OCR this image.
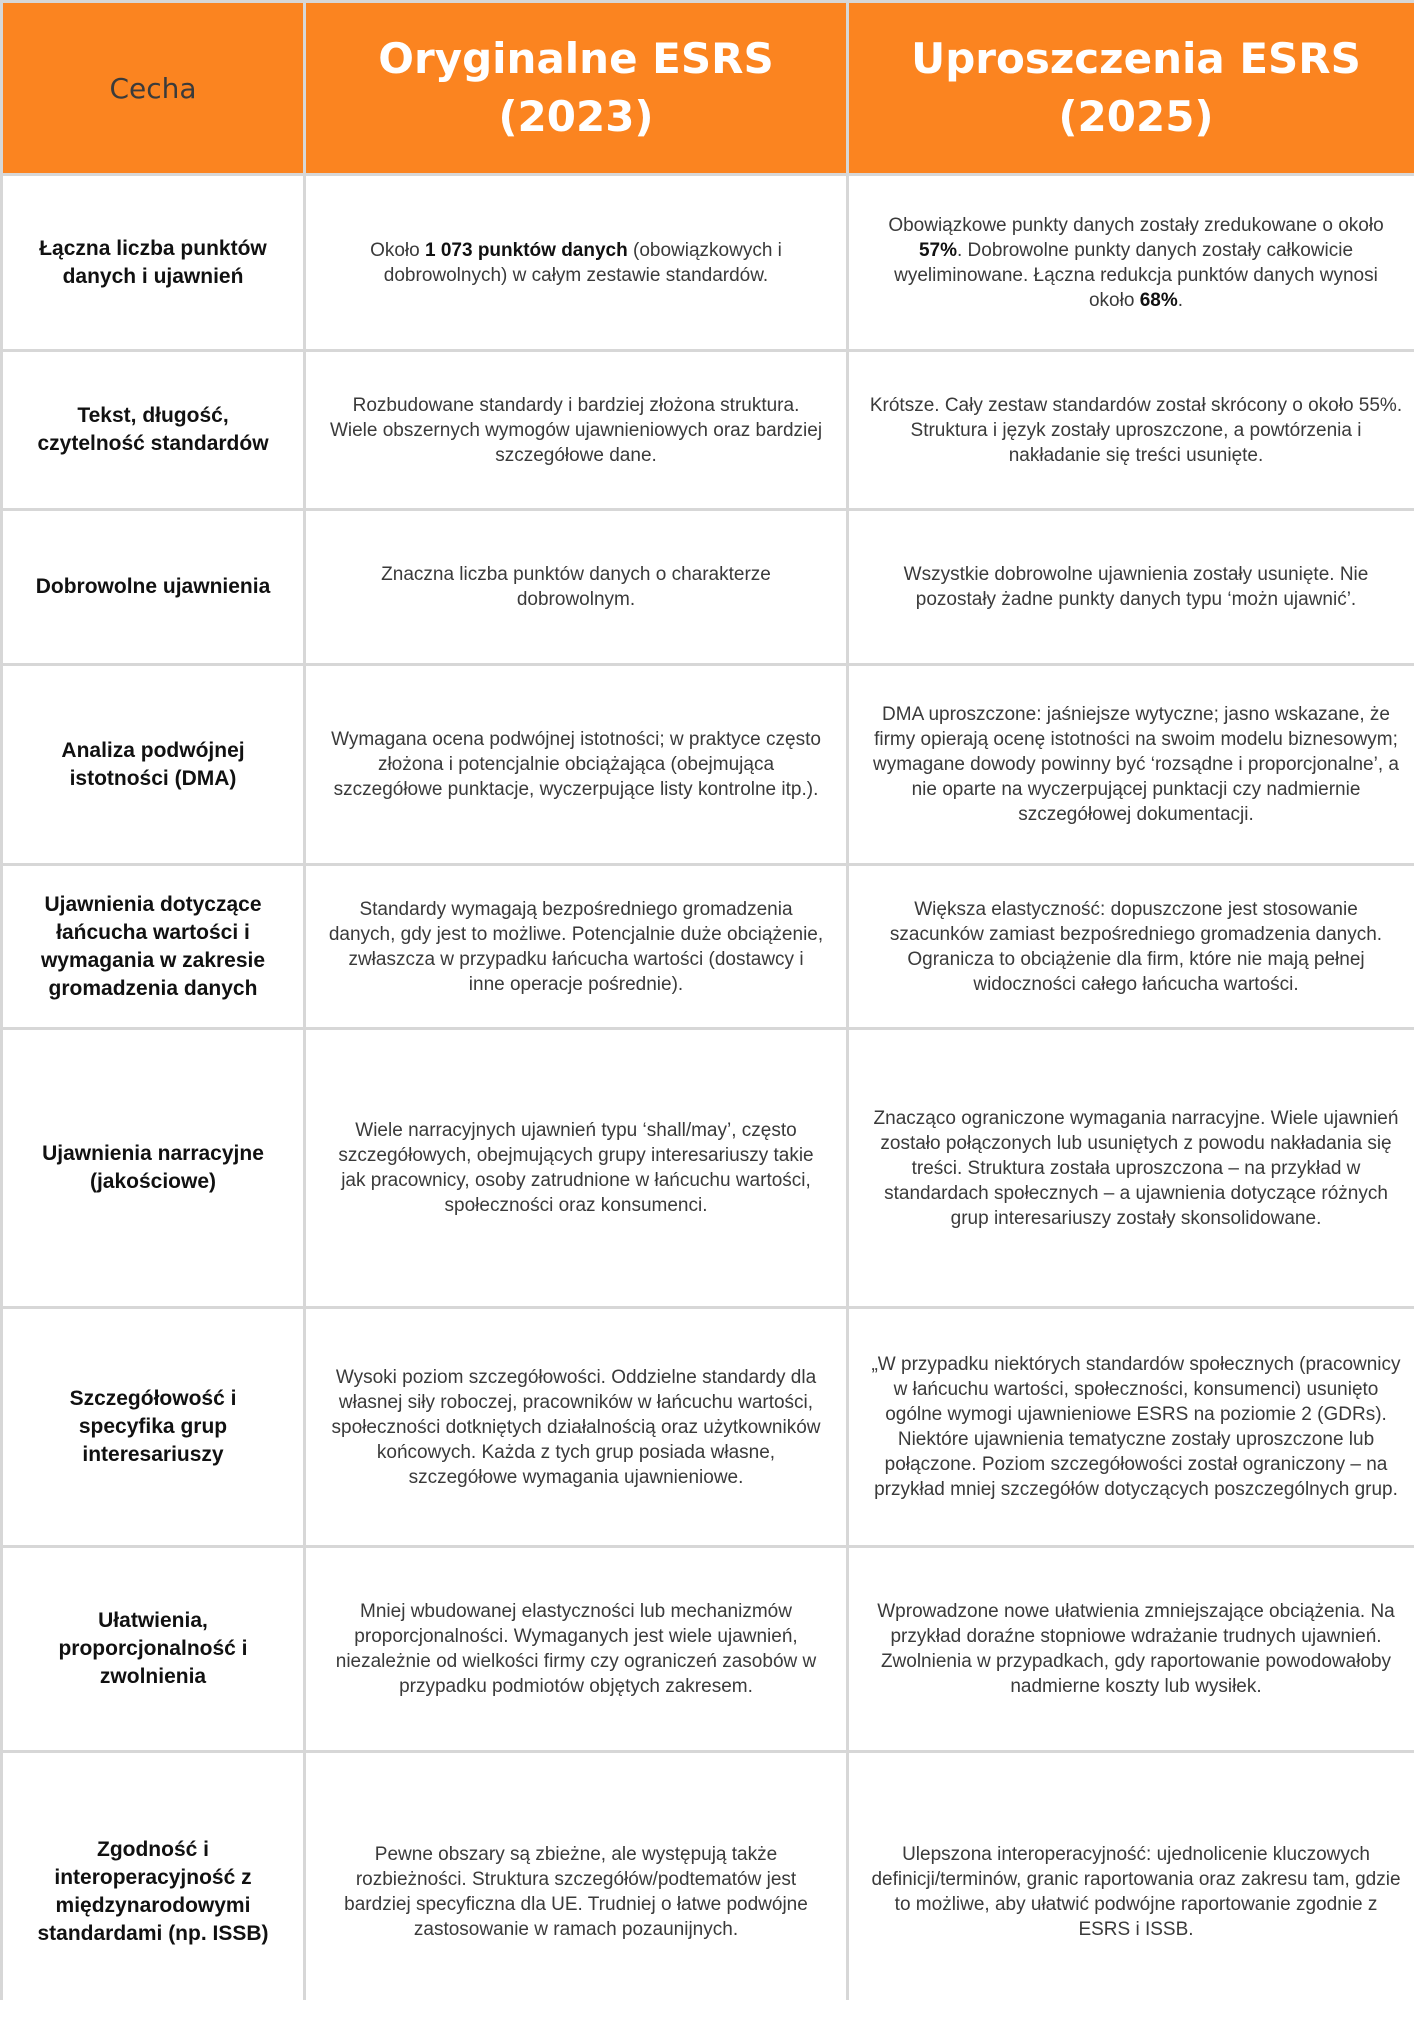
Cecha
Oryginalne ESRS
(2023)
Uproszczenia ESRS
(2025)
Łączna liczba punktów danych i ujawnień
Około 1 073 punktów danych (obowiązkowych i dobrowolnych) w całym zestawie standardów.
Obowiązkowe punkty danych zostały zredukowane o około 57%. Dobrowolne punkty danych zostały całkowicie wyeliminowane. Łączna redukcja punktów danych wynosi około 68%.
Tekst, długość, czytelność standardów
Rozbudowane standardy i bardziej złożona struktura. Wiele obszernych wymogów ujawnieniowych oraz bardziej szczegółowe dane.
Krótsze. Cały zestaw standardów został skrócony o około 55%. Struktura i język zostały uproszczone, a powtórzenia i nakładanie się treści usunięte.
Dobrowolne ujawnienia
Znaczna liczba punktów danych o charakterze dobrowolnym.
Wszystkie dobrowolne ujawnienia zostały usunięte. Nie pozostały żadne punkty danych typu ‘możn ujawnić’.
Analiza podwójnej istotności (DMA)
Wymagana ocena podwójnej istotności; w praktyce często złożona i potencjalnie obciążająca (obejmująca szczegółowe punktacje, wyczerpujące listy kontrolne itp.).
DMA uproszczone: jaśniejsze wytyczne; jasno wskazane, że firmy opierają ocenę istotności na swoim modelu biznesowym; wymagane dowody powinny być ‘rozsądne i proporcjonalne’, a nie oparte na wyczerpującej punktacji czy nadmiernie szczegółowej dokumentacji.
Ujawnienia dotyczące łańcucha wartości i wymagania w zakresie gromadzenia danych
Standardy wymagają bezpośredniego gromadzenia danych, gdy jest to możliwe. Potencjalnie duże obciążenie, zwłaszcza w przypadku łańcucha wartości (dostawcy i inne operacje pośrednie).
Większa elastyczność: dopuszczone jest stosowanie szacunków zamiast bezpośredniego gromadzenia danych. Ogranicza to obciążenie dla firm, które nie mają pełnej widoczności całego łańcucha wartości.
Ujawnienia narracyjne (jakościowe)
Wiele narracyjnych ujawnień typu ‘shall/may’, często szczegółowych, obejmujących grupy interesariuszy takie jak pracownicy, osoby zatrudnione w łańcuchu wartości, społeczności oraz konsumenci.
Znacząco ograniczone wymagania narracyjne. Wiele ujawnień zostało połączonych lub usuniętych z powodu nakładania się treści. Struktura została uproszczona – na przykład w standardach społecznych – a ujawnienia dotyczące różnych grup interesariuszy zostały skonsolidowane.
Szczegółowość i specyfika grup interesariuszy
Wysoki poziom szczegółowości. Oddzielne standardy dla własnej siły roboczej, pracowników w łańcuchu wartości, społeczności dotkniętych działalnością oraz użytkowników końcowych. Każda z tych grup posiada własne, szczegółowe wymagania ujawnieniowe.
„W przypadku niektórych standardów społecznych (pracownicy w łańcuchu wartości, społeczności, konsumenci) usunięto ogólne wymogi ujawnieniowe ESRS na poziomie 2 (GDRs). Niektóre ujawnienia tematyczne zostały uproszczone lub połączone. Poziom szczegółowości został ograniczony – na przykład mniej szczegółów dotyczących poszczególnych grup.
Ułatwienia, proporcjonalność i zwolnienia
Mniej wbudowanej elastyczności lub mechanizmów proporcjonalności. Wymaganych jest wiele ujawnień, niezależnie od wielkości firmy czy ograniczeń zasobów w przypadku podmiotów objętych zakresem.
Wprowadzone nowe ułatwienia zmniejszające obciążenia. Na przykład doraźne stopniowe wdrażanie trudnych ujawnień. Zwolnienia w przypadkach, gdy raportowanie powodowałoby nadmierne koszty lub wysiłek.
Zgodność i interoperacyjność z międzynarodowymi standardami (np. ISSB)
Pewne obszary są zbieżne, ale występują także rozbieżności. Struktura szczegółów/podtematów jest bardziej specyficzna dla UE. Trudniej o łatwe podwójne zastosowanie w ramach pozaunijnych.
Ulepszona interoperacyjność: ujednolicenie kluczowych definicji/terminów, granic raportowania oraz zakresu tam, gdzie to możliwe, aby ułatwić podwójne raportowanie zgodnie z ESRS i ISSB.
